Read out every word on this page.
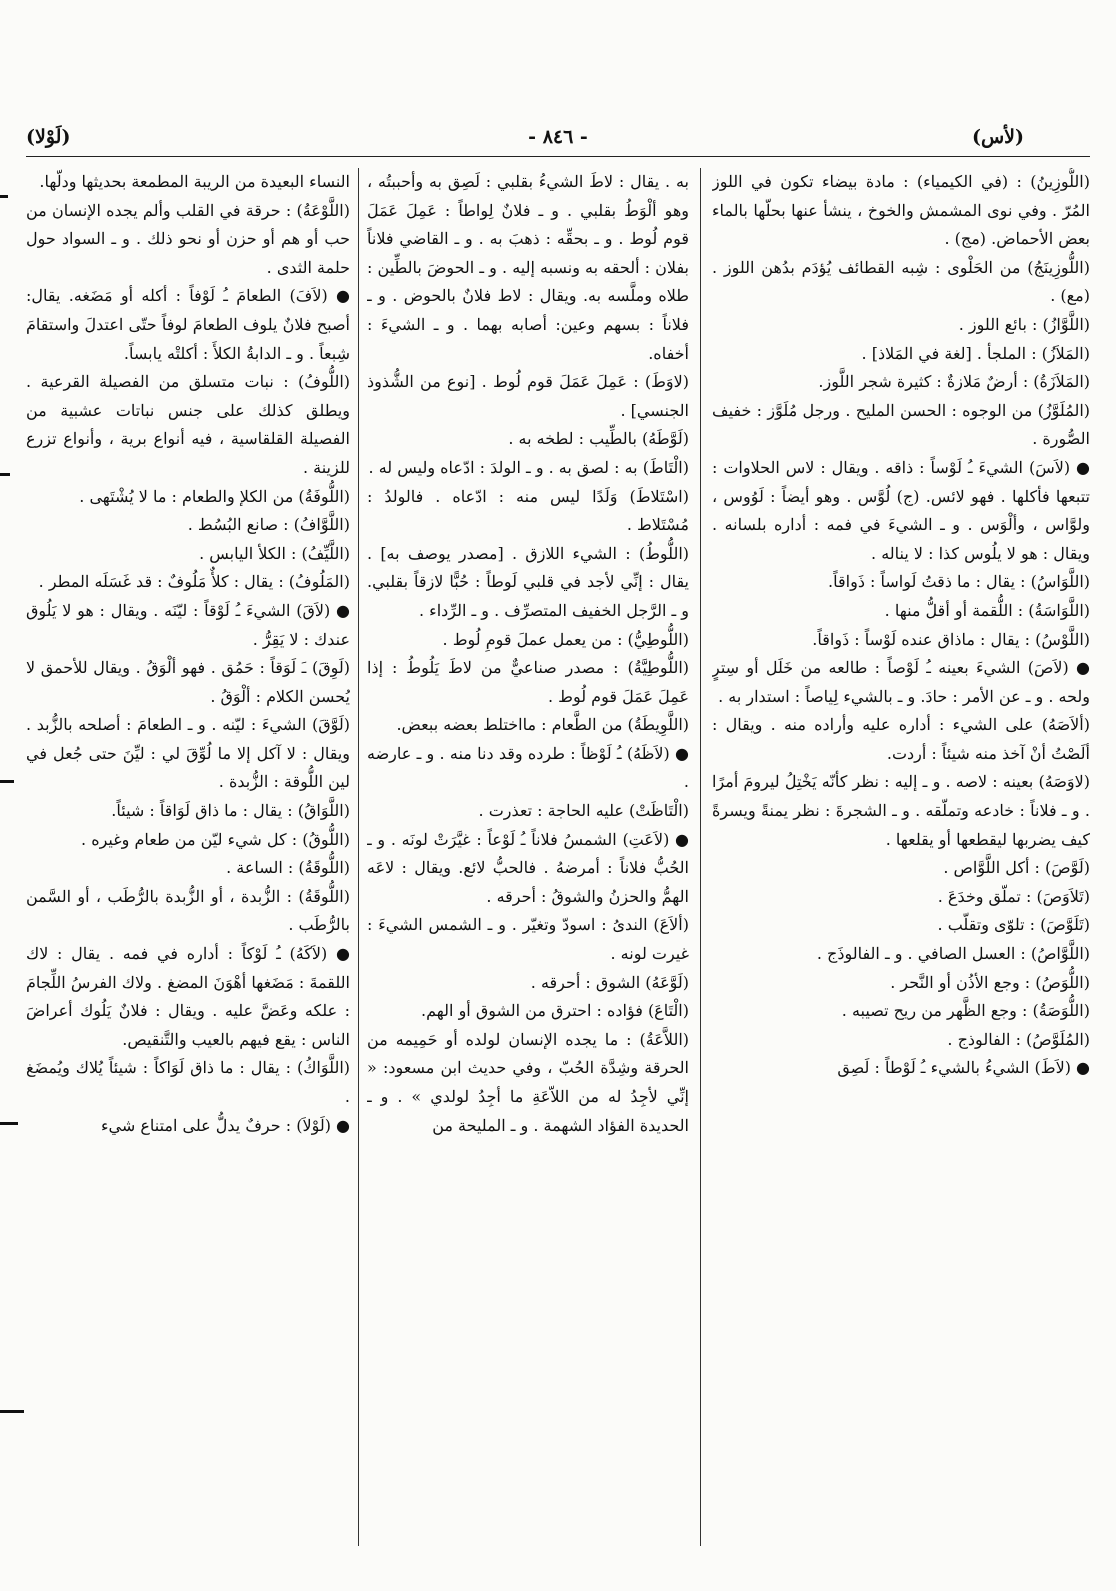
(لأس)
- ٨٤٦ -
(لَوْلا)

(اللُّوزِينُ) : (في الكيمياء) : مادة بيضاء تكون في اللوز المُرّ . وفي نوى المشمش والخوخ ، ينشأ عنها بحلّها بالماء بعض الأحماض. (مج) .

(اللُّوزِينَجُ) من الحَلْوى : شِبه القطائف يُؤدَم بدُهن اللوز . (مع) .

(اللَّوَّازُ) : بائع اللوز .

(المَلاَزُ) : الملجأ . [لغة في المَلاذ] .

(المَلاَزَةُ) : أرضٌ مَلازةٌ : كثيرة شجر اللَّوز.

(المُلَوَّزُ) من الوجوه : الحسن المليح . ورجل مُلَوَّز : خفيف الصُّورة .

● (لاَسَ) الشيءَ ـُ لَوْساً : ذاقه . ويقال : لاس الحلاوات : تتبعها فأكلها . فهو لائس. (ج) لُوَّس . وهو أيضاً : لَوُوس ، ولوَّاس ، وألْوَس . و ـ الشيءَ في فمه : أداره بلسانه . ويقال : هو لا يلُوس كذا : لا يناله .

(اللَّوَاسُ) : يقال : ما ذقتُ لَواساً : ذَواقاً.

(اللَّوَاسَةُ) : اللُّقمة أو أقلُّ منها .

(اللَّوْسُ) : يقال : ماذاق عنده لَوْساً : ذَواقاً.

● (لاَصَ) الشيءَ بعينه ـُ لَوْصاً : طالعه من خَلَل أو سِترٍ ولحه . و ـ عن الأمر : حادَ. و ـ بالشيء لِياصاً : استدار به .

(ألاَصَهُ) على الشيء : أداره عليه وأراده منه . ويقال : ألَصْتُ أنْ آخذ منه شيئاً : أردت.

(لاوَصَهُ) بعينه : لاصه . و ـ إليه : نظر كأنّه يَخْتِلُ ليرومَ أمرًا . و ـ فلاناً : خادعه وتملّقه . و ـ الشجرةَ : نظر يمنةً ويسرةً كيف يضربها ليقطعها أو يقلعها .

(لَوَّصَ) : أكل اللَّوَّاص .

(تَلاَوَصَ) : تملّق وخدَعَ .

(تَلَوَّصَ) : تلوّى وتقلّب .

(اللَّوَّاصُ) : العسل الصافي . و ـ الفالوذَج .

(اللُّوَصُ) : وجع الأذُن أو النَّحر .

(اللُّوَصَةُ) : وجع الظَّهر من ريح تصيبه .

(المُلَوَّصُ) : الفالوذج .

● (لاَطَ) الشيءُ بالشيء ـُ لَوْطاً : لَصِق

به . يقال : لاطَ الشيءُ بقلبي : لَصِق به وأحببتُه ، وهو ألْوَطُ بقلبي . و ـ فلانٌ لِواطاً : عَمِلَ عَمَلَ قوم لُوط . و ـ بحقِّه : ذهبَ به . و ـ القاضي فلاناً بفلان : ألحقه به ونسبه إليه . و ـ الحوضَ بالطِّين : طلاه وملَّسه به. ويقال : لاط فلانٌ بالحوض . و ـ فلاناً : بسهم وعين: أصابه بهما . و ـ الشيءَ : أخفاه.

(لاوَطَ) : عَمِلَ عَمَلَ قوم لُوط . [نوع من الشُّذوذ الجنسي] .

(لَوَّطَهُ) بالطِّيب : لطخه به .

(الْتَاطَ) به : لصق به . و ـ الولدَ : ادّعاه وليس له .

(اسْتَلاطَ) وَلَدًا ليس منه : ادّعاه . فالولدُ : مُسْتَلاط .

(اللُّوطُ) : الشيء اللازق . [مصدر يوصف به] . يقال : إنِّي لأجد في قلبي لَوطاً : حُبًّا لازقاً بقلبي. و ـ الرَّجل الخفيف المتصرِّف . و ـ الرِّداء .

(اللُّوطِيُّ) : من يعمل عملَ قومِ لُوط .

(اللُّوطِيَّةُ) : مصدر صناعيٌّ من لاطَ يَلُوطُ : إذا عَمِلَ عَمَلَ قوم لُوط .

(اللَّوِيطَةُ) من الطَّعام : مااختلط بعضه ببعض.

● (لاَظَهُ) ـُ لَوْظاً : طرده وقد دنا منه . و ـ عارضه .

(الْتَاظَتْ) عليه الحاجة : تعذرت .

● (لاَعَتِ) الشمسُ فلاناً ـُ لَوْعاً : غيَّرَتْ لونَه . و ـ الحُبُّ فلاناً : أمرضهُ . فالحبُّ لائع. ويقال : لاعَه الهمُّ والحزنُ والشوقُ : أحرقه .

(ألاَعَ) الندىُ : اسودّ وتغيّر . و ـ الشمس الشيءَ : غيرت لونه .

(لَوَّعَهُ) الشوق : أحرقه .

(الْتَاعَ) فؤاده : احترق من الشوق أو الهم.

(اللاَّعَةُ) : ما يجده الإنسان لولده أو حَمِيمه من الحرقة وشِدَّة الحُبّ ، وفي حديث ابن مسعود: « إنِّي لأجِدُ له من اللاّعَةِ ما أجِدُ لولدي » . و ـ الحديدة الفؤاد الشهمة . و ـ المليحة من

النساء البعيدة من الريبة المطمعة بحديثها ودلّها.

(اللَّوْعَةُ) : حرقة في القلب وألم يجده الإنسان من حب أو هم أو حزن أو نحو ذلك . و ـ السواد حول حلمة الثدى .

● (لاَفَ) الطعامَ ـُ لَوْفاً : أكله أو مَضَغه. يقال: أصبح فلانٌ يلوف الطعامَ لوفاً حتّى اعتدلَ واستقامَ شِبعاً . و ـ الدابةُ الكلأَ : أكلتْه يابساً.

(اللُّوفُ) : نبات متسلق من الفصيلة القرعية . ويطلق كذلك على جنس نباتات عشبية من الفصيلة القلقاسية ، فيه أنواع برية ، وأنواع تزرع للزينة .

(اللُّوفَةُ) من الكلإ والطعام : ما لا يُشْتَهى .

(اللَّوَّافُ) : صانع البُسُط .

(اللَّيِّفُ) : الكلأ اليابس .

(المَلُوفُ) : يقال : كلأٌ مَلُوفٌ : قد غَسَلَه المطر .

● (لاَقَ) الشيءَ ـُ لَوْقاً : ليّنَه . ويقال : هو لا يَلُوق عندك : لا يَقِرُّ .

(لَوِقَ) ـَ لَوَقاً : حَمُق . فهو ألْوَقُ . ويقال للأحمق لا يُحسن الكلام : ألْوَقُ .

(لَوَّقَ) الشيءَ : ليّنه . و ـ الطعامَ : أصلحه بالزُّبد . ويقال : لا آكل إلا ما لُوِّقَ لي : ليِّنَ حتى جُعل في لين اللُّوقة : الزُّبدة .

(اللَّوَاقُ) : يقال : ما ذاق لَوَاقاً : شيئاً.

(اللُّوقُ) : كل شيء ليّن من طعام وغيره .

(اللُّوقَةُ) : الساعة .

(اللُّوقَةُ) : الزُّبدة ، أو الزُّبدة بالرُّطَب ، أو السَّمن بالرُّطَب .

● (لاَكَهُ) ـُ لَوْكاً : أداره في فمه . يقال : لاك اللقمةَ : مَضَغها أهْوَنَ المضغ . ولاك الفرسُ اللِّجامَ : علكه وعَضَّ عليه . ويقال : فلانٌ يَلُوك أعراضَ الناس : يقع فيهم بالعيب والتَّنقيص.

(اللَّوَاكُ) : يقال : ما ذاق لَوَاكاً : شيئاً يُلاك ويُمضَغ .

● (لَوْلاَ) : حرفٌ يدلُّ على امتناع شيء
